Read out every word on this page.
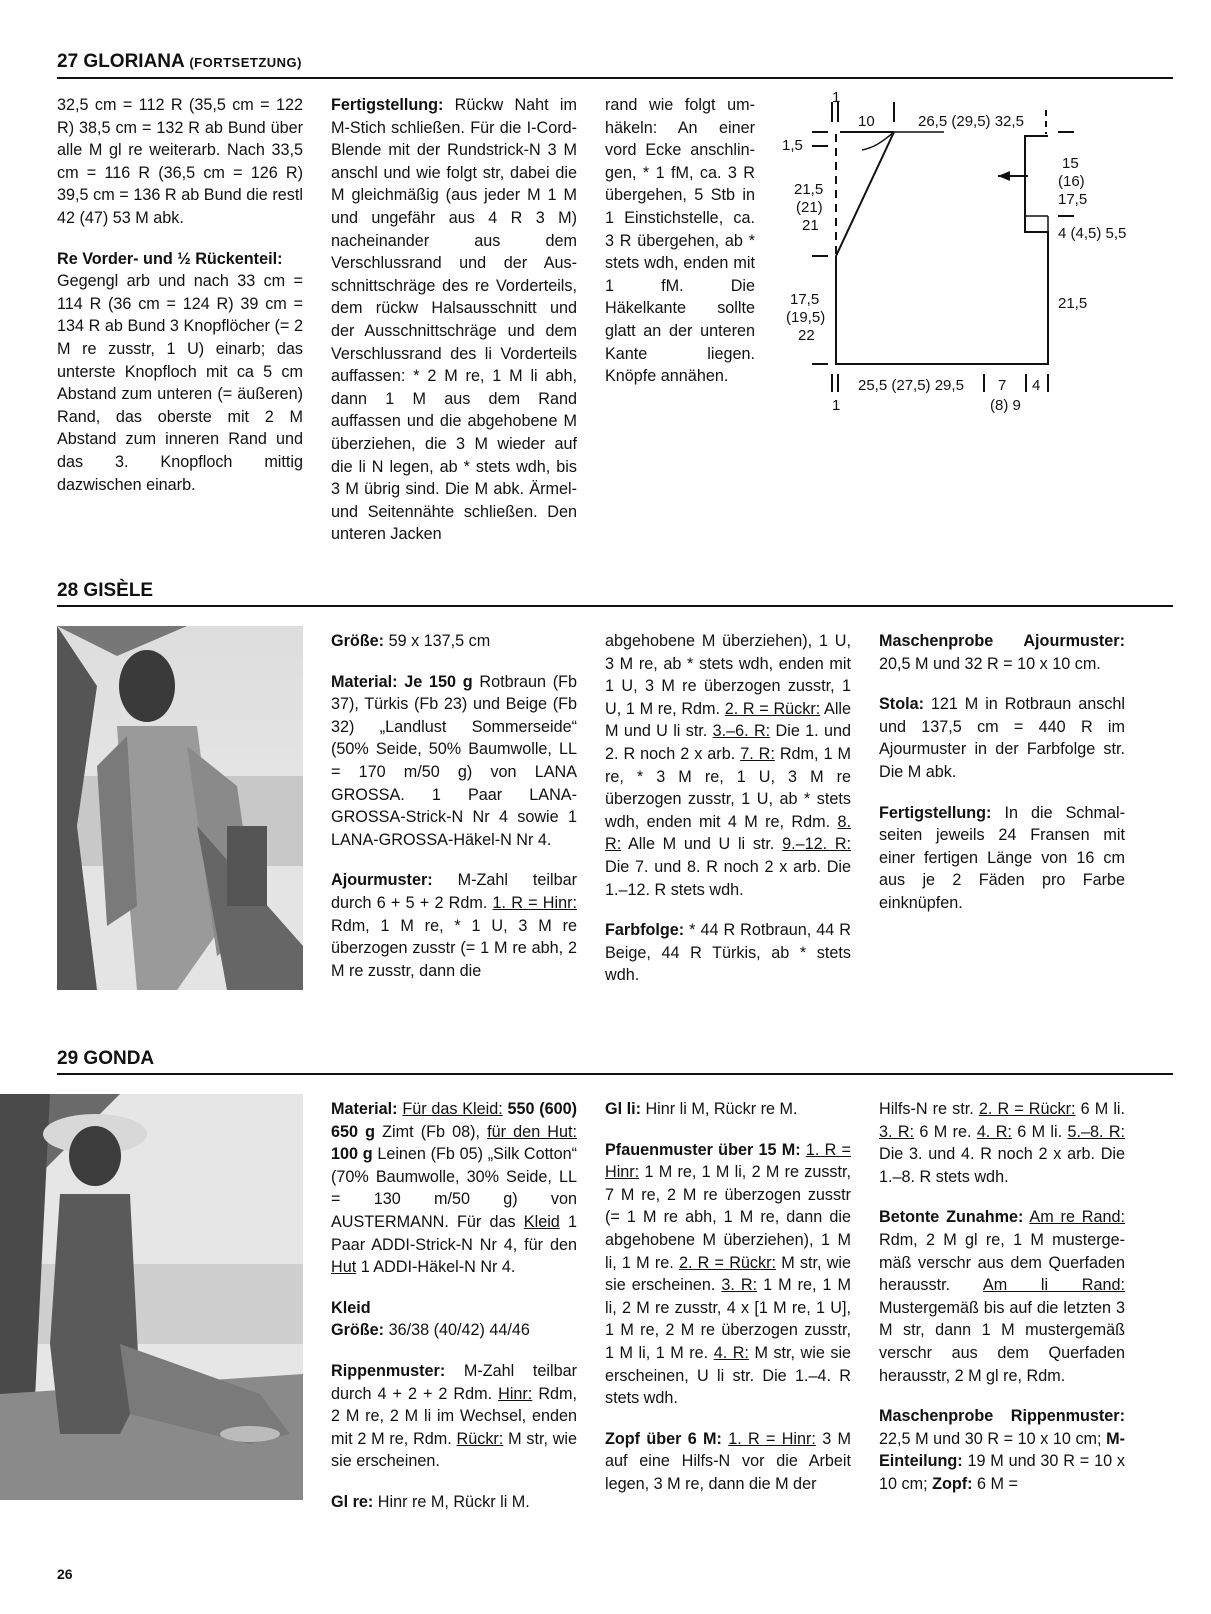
27 GLORIANA (FORTSETZUNG)

32,5 cm = 112 R (35,5 cm = 122 R) 38,5 cm = 132 R ab Bund über alle M gl re weiterarb. Nach 33,5 cm = 116 R (36,5 cm = 126 R) 39,5 cm = 136 R ab Bund die restl 42 (47) 53 M abk.

Re Vorder- und ½ Rückenteil:
Gegengl arb und nach 33 cm = 114 R (36 cm = 124 R) 39 cm = 134 R ab Bund 3 Knopflöcher (= 2 M re zusstr, 1 U) einarb; das unterste Knopfloch mit ca 5 cm Abstand zum unteren (= äußeren) Rand, das oberste mit 2 M Abstand zum inneren Rand und das 3. Knopfloch mittig dazwischen einarb.

Fertigstellung: Rückw Naht im M-Stich schließen. Für die I-Cord-Blende mit der Rundstrick-N 3 M anschl und wie folgt str, dabei die M gleichmäßig (aus jeder M 1 M und ungefähr aus 4 R 3 M) nacheinander aus dem Verschlussrand und der Ausschnittschräge des re Vorderteils, dem rückw Halsausschnitt und der Ausschnittschräge und dem Verschlussrand des li Vorderteils auffassen: * 2 M re, 1 M li abh, dann 1 M aus dem Rand auffassen und die abgehobene M überziehen, die 3 M wieder auf die li N legen, ab * stets wdh, bis 3 M übrig sind. Die M abk. Ärmel- und Seitennähte schließen. Den unteren Jacken

rand wie folgt umhäkeln: An einer vord Ecke anschlingen, * 1 fM, ca. 3 R übergehen, 5 Stb in 1 Einstichstelle, ca. 3 R übergehen, ab * stets wdh, enden mit 1 fM. Die Häkelkante sollte glatt an der unteren Kante liegen. Knöpfe annähen.

1
10	26,5 (29,5) 32,5
1,5
21,5
(21)
21
17,5
(19,5)
22
15
(16)
17,5
4 (4,5) 5,5
21,5
25,5 (27,5) 29,5 7
(8) 9
4
1
28 GISÈLE

Größe: 59 x 137,5 cm

Material: Je 150 g Rotbraun (Fb 37), Türkis (Fb 23) und Beige (Fb 32) „Landlust Sommerseide“ (50% Seide, 50% Baumwolle, LL = 170 m/50 g) von LANA GROSSA. 1 Paar LANA-GROSSA-Strick-N Nr 4 sowie 1 LANA-GROSSA-Häkel-N Nr 4.

Ajourmuster: M-Zahl teilbar durch 6 + 5 + 2 Rdm. 1. R = Hinr: Rdm, 1 M re, * 1 U, 3 M re überzogen zusstr (= 1 M re abh, 2 M re zusstr, dann die

abgehobene M überziehen), 1 U, 3 M re, ab * stets wdh, enden mit 1 U, 3 M re überzogen zusstr, 1 U, 1 M re, Rdm. 2. R = Rückr: Alle M und U li str. 3.–6. R: Die 1. und 2. R noch 2 x arb. 7. R: Rdm, 1 M re, * 3 M re, 1 U, 3 M re überzogen zusstr, 1 U, ab * stets wdh, enden mit 4 M re, Rdm. 8. R: Alle M und U li str. 9.–12. R: Die 7. und 8. R noch 2 x arb. Die 1.–12. R stets wdh.

Farbfolge: * 44 R Rotbraun, 44 R Beige, 44 R Türkis, ab * stets wdh.

Maschenprobe Ajourmuster: 20,5 M und 32 R = 10 x 10 cm.

Stola: 121 M in Rotbraun anschl und 137,5 cm = 440 R im Ajourmuster in der Farbfolge str. Die M abk.

Fertigstellung: In die Schmalseiten jeweils 24 Fransen mit einer fertigen Länge von 16 cm aus je 2 Fäden pro Farbe einknüpfen.

29 GONDA

Material: Für das Kleid: 550 (600) 650 g Zimt (Fb 08), für den Hut: 100 g Leinen (Fb 05) „Silk Cotton“ (70% Baumwolle, 30% Seide, LL = 130 m/50 g) von AUSTERMANN. Für das Kleid 1 Paar ADDI-Strick-N Nr 4, für den Hut 1 ADDI-Häkel-N Nr 4.

Kleid
Größe: 36/38 (40/42) 44/46

Rippenmuster: M-Zahl teilbar durch 4 + 2 + 2 Rdm. Hinr: Rdm, 2 M re, 2 M li im Wechsel, enden mit 2 M re, Rdm. Rückr: M str, wie sie erscheinen.

Gl re: Hinr re M, Rückr li M.

Gl li: Hinr li M, Rückr re M.

Pfauenmuster über 15 M: 1. R = Hinr: 1 M re, 1 M li, 2 M re zusstr, 7 M re, 2 M re überzogen zusstr (= 1 M re abh, 1 M re, dann die abgehobene M überziehen), 1 M li, 1 M re. 2. R = Rückr: M str, wie sie erscheinen. 3. R: 1 M re, 1 M li, 2 M re zusstr, 4 x [1 M re, 1 U], 1 M re, 2 M re überzogen zusstr, 1 M li, 1 M re. 4. R: M str, wie sie erscheinen, U li str. Die 1.–4. R stets wdh.

Zopf über 6 M: 1. R = Hinr: 3 M auf eine Hilfs-N vor die Arbeit legen, 3 M re, dann die M der

Hilfs-N re str. 2. R = Rückr: 6 M li. 3. R: 6 M re. 4. R: 6 M li. 5.–8. R: Die 3. und 4. R noch 2 x arb. Die 1.–8. R stets wdh.

Betonte Zunahme: Am re Rand: Rdm, 2 M gl re, 1 M mustergemäß verschr aus dem Querfaden herausstr. Am li Rand: Mustergemäß bis auf die letzten 3 M str, dann 1 M mustergemäß verschr aus dem Querfaden herausstr, 2 M gl re, Rdm.

Maschenprobe Rippenmuster: 22,5 M und 30 R = 10 x 10 cm; M-Einteilung: 19 M und 30 R = 10 x 10 cm; Zopf: 6 M =

26
